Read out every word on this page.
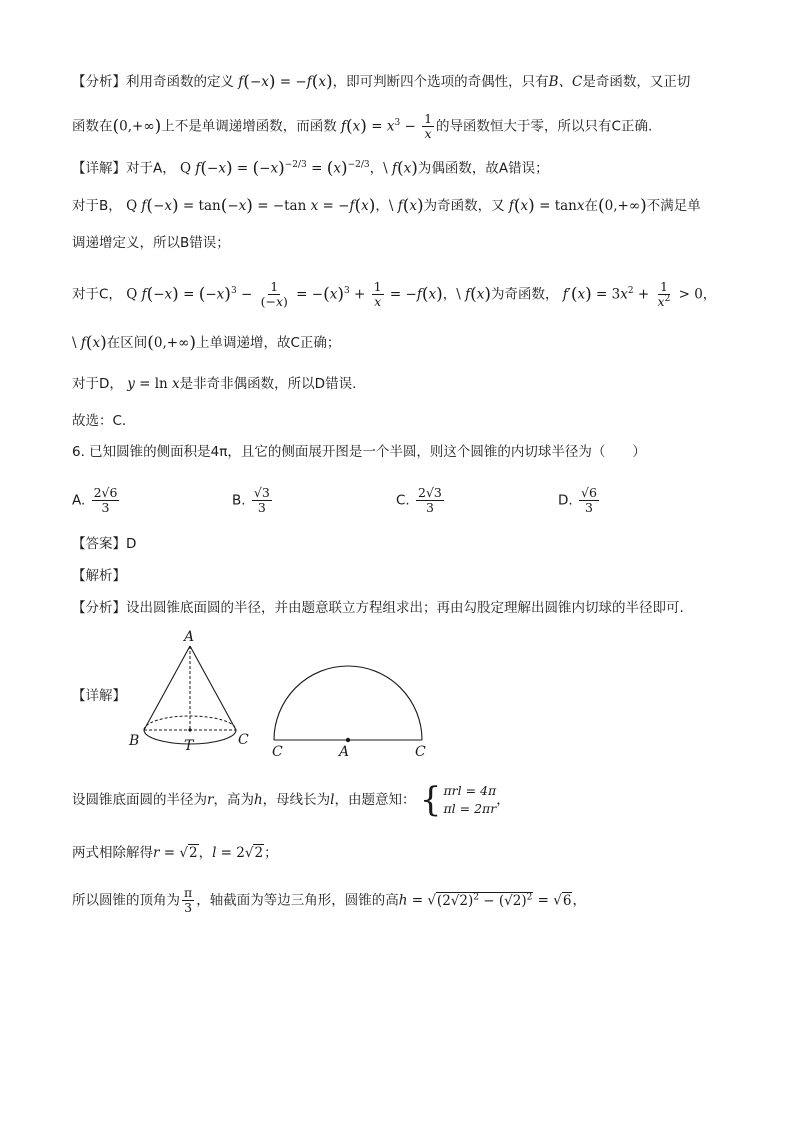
【分析】利用奇函数的定义 f(−x) = −f(x)，即可判断四个选项的奇偶性，只有B、C是奇函数，又正切
函数在(0,+∞)上不是单调递增函数，而函数 $f(x) = x^3 - \frac{1}{x}$ 的导函数恒大于零，所以只有C正确.
【详解】对于A， Q $f(-x) = (-x)^{-2/3} = (x)^{-2/3}$，\ f(x)为偶函数，故A错误；
对于B， Q f(−x) = tan(−x) = −tan x = −f(x)，\ f(x)为奇函数，又 f(x) = tanx在(0,+∞)不满足单
调递增定义，所以B错误；
对于C， Q $f(-x) = (-x)^3 - \frac{1}{(-x)} = -(x)^3 + \frac{1}{x} = -f(x)$，\ f(x)为奇函数， $f'(x) = 3x^2 + \frac{1}{x^2} > 0$，
\ f(x)在区间(0,+∞)上单调递增，故C正确；
对于D， y = ln x是非奇非偶函数，所以D错误.
故选：C.
6. 已知圆锥的侧面积是4π，且它的侧面展开图是一个半圆，则这个圆锥的内切球半径为（　　）
A. $\frac{2√6}{3}$	B. $\frac{√3}{3}$	C. $\frac{2√3}{3}$	D. $\frac{√6}{3}$
【答案】D
【解析】
【分析】设出圆锥底面圆的半径，并由题意联立方程组求出；再由勾股定理解出圆锥内切球的半径即可.
【详解】
A
B	T	C
C	A	C
设圆锥底面圆的半径为r，高为h，母线长为l，由题意知： { πrl = 4π
πl = 2πr
，
两式相除解得r = √2，l = 2√2；
所以圆锥的顶角为 $\frac{\pi}{3}$ ，轴截面为等边三角形，圆锥的高$h = √(2√2)^2 - (√2)^2 = √6$，
